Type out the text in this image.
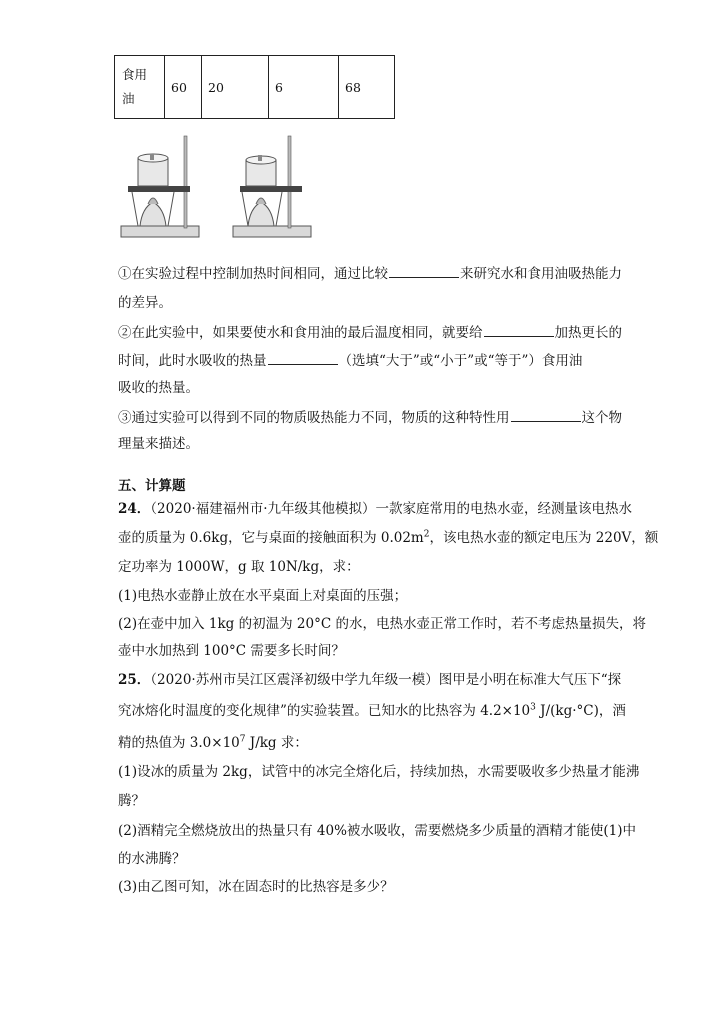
食用油	60	20	6	68
①在实验过程中控制加热时间相同，通过比较	来研究水和食用油吸热能力
的差异。
②在此实验中，如果要使水和食用油的最后温度相同，就要给	加热更长的
时间，此时水吸收的热量	（选填“大于”或“小于”或“等于”）食用油
吸收的热量。
③通过实验可以得到不同的物质吸热能力不同，物质的这种特性用	这个物
理量来描述。
五、计算题
24．（2020·福建福州市·九年级其他模拟）一款家庭常用的电热水壶，经测量该电热水
壶的质量为 0.6kg，它与桌面的接触面积为 $0.02m^2$，该电热水壶的额定电压为 220V，额
定功率为 1000W，g 取 10N/kg，求：
(1)电热水壶静止放在水平桌面上对桌面的压强；
(2)在壶中加入 1kg 的初温为 20°C 的水，电热水壶正常工作时，若不考虑热量损失，将
壶中水加热到 100°C 需要多长时间？
25．（2020·苏州市吴江区震泽初级中学九年级一模）图甲是小明在标准大气压下“探
究冰熔化时温度的变化规律”的实验装置。已知水的比热容为 $4.2\times 10^3$ J/(kg·°C)，酒
精的热值为 $3.0\times 10^7$ J/kg 求：
(1)设冰的质量为 2kg，试管中的冰完全熔化后，持续加热，水需要吸收多少热量才能沸
腾？
(2)酒精完全燃烧放出的热量只有 40%被水吸收，需要燃烧多少质量的酒精才能使(1)中
的水沸腾？
(3)由乙图可知，冰在固态时的比热容是多少？
